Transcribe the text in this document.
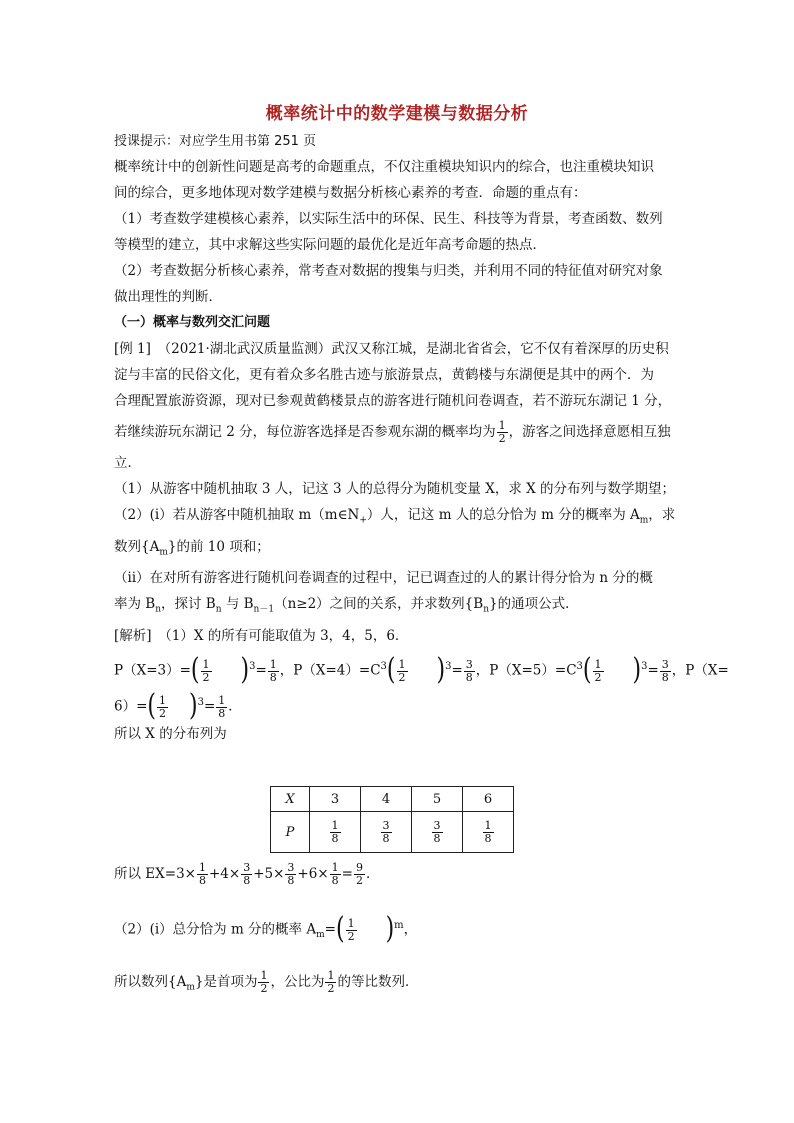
概率统计中的数学建模与数据分析
授课提示：对应学生用书第 251 页
概率统计中的创新性问题是高考的命题重点，不仅注重模块知识内的综合，也注重模块知识
间的综合，更多地体现对数学建模与数据分析核心素养的考查．命题的重点有：
（1）考查数学建模核心素养，以实际生活中的环保、民生、科技等为背景，考查函数、数列
等模型的建立，其中求解这些实际问题的最优化是近年高考命题的热点．
（2）考查数据分析核心素养，常考查对数据的搜集与归类，并利用不同的特征值对研究对象
做出理性的判断．
（一）概率与数列交汇问题
[例 1]　（2021·湖北武汉质量监测）武汉又称江城，是湖北省省会，它不仅有着深厚的历史积
淀与丰富的民俗文化，更有着众多名胜古迹与旅游景点，黄鹤楼与东湖便是其中的两个．为
合理配置旅游资源，现对已参观黄鹤楼景点的游客进行随机问卷调查，若不游玩东湖记 1 分，
若继续游玩东湖记 2 分，每位游客选择是否参观东湖的概率均为 $\frac{1}{2}$ ，游客之间选择意愿相互独
立．
（1）从游客中随机抽取 3 人，记这 3 人的总得分为随机变量 X，求 X 的分布列与数学期望；
（2）(ⅰ）若从游客中随机抽取 $m(m\in N_+)$人，记这 m 人的总分恰为 m 分的概率为 $A_m$，求
数列$\{A_m\}$的前 10 项和；
（ⅱ）在对所有游客进行随机问卷调查的过程中，记已调查过的人的累计得分恰为 n 分的概
率为 $B_n$，探讨 $B_n$ 与 $B_{n-1}(n\ge 2)$之间的关系，并求数列$\{B_n\}$的通项公式．
[解析]　（1）X 的所有可能取值为 3，4，5，6．
$P(X=3)=( \frac{1}{2} )^3= \frac{1}{8}$ ，$P(X=4)=C^3( \frac{1}{2} )^3= \frac{3}{8}$ ，$P(X=5)=C^3( \frac{1}{2} )^3= \frac{3}{8}$ ，P（X=
$6)=( \frac{1}{2} )^3= \frac{1}{8}$ ．
所以 X 的分布列为
X	3	4	5	6
P	$\frac{1}{8}$	$\frac{3}{8}$	$\frac{3}{8}$	$\frac{1}{8}$
所以 $EX=3\times \frac{1}{8} +4\times \frac{3}{8} +5\times \frac{3}{8} +6\times \frac{1}{8} = \frac{9}{2}$ ．
（2）(ⅰ）总分恰为 m 分的概率 $A_m=( \frac{1}{2} )^m$，
所以数列$\{A_m\}$是首项为 $\frac{1}{2}$ ，公比为 $\frac{1}{2}$ 的等比数列．
